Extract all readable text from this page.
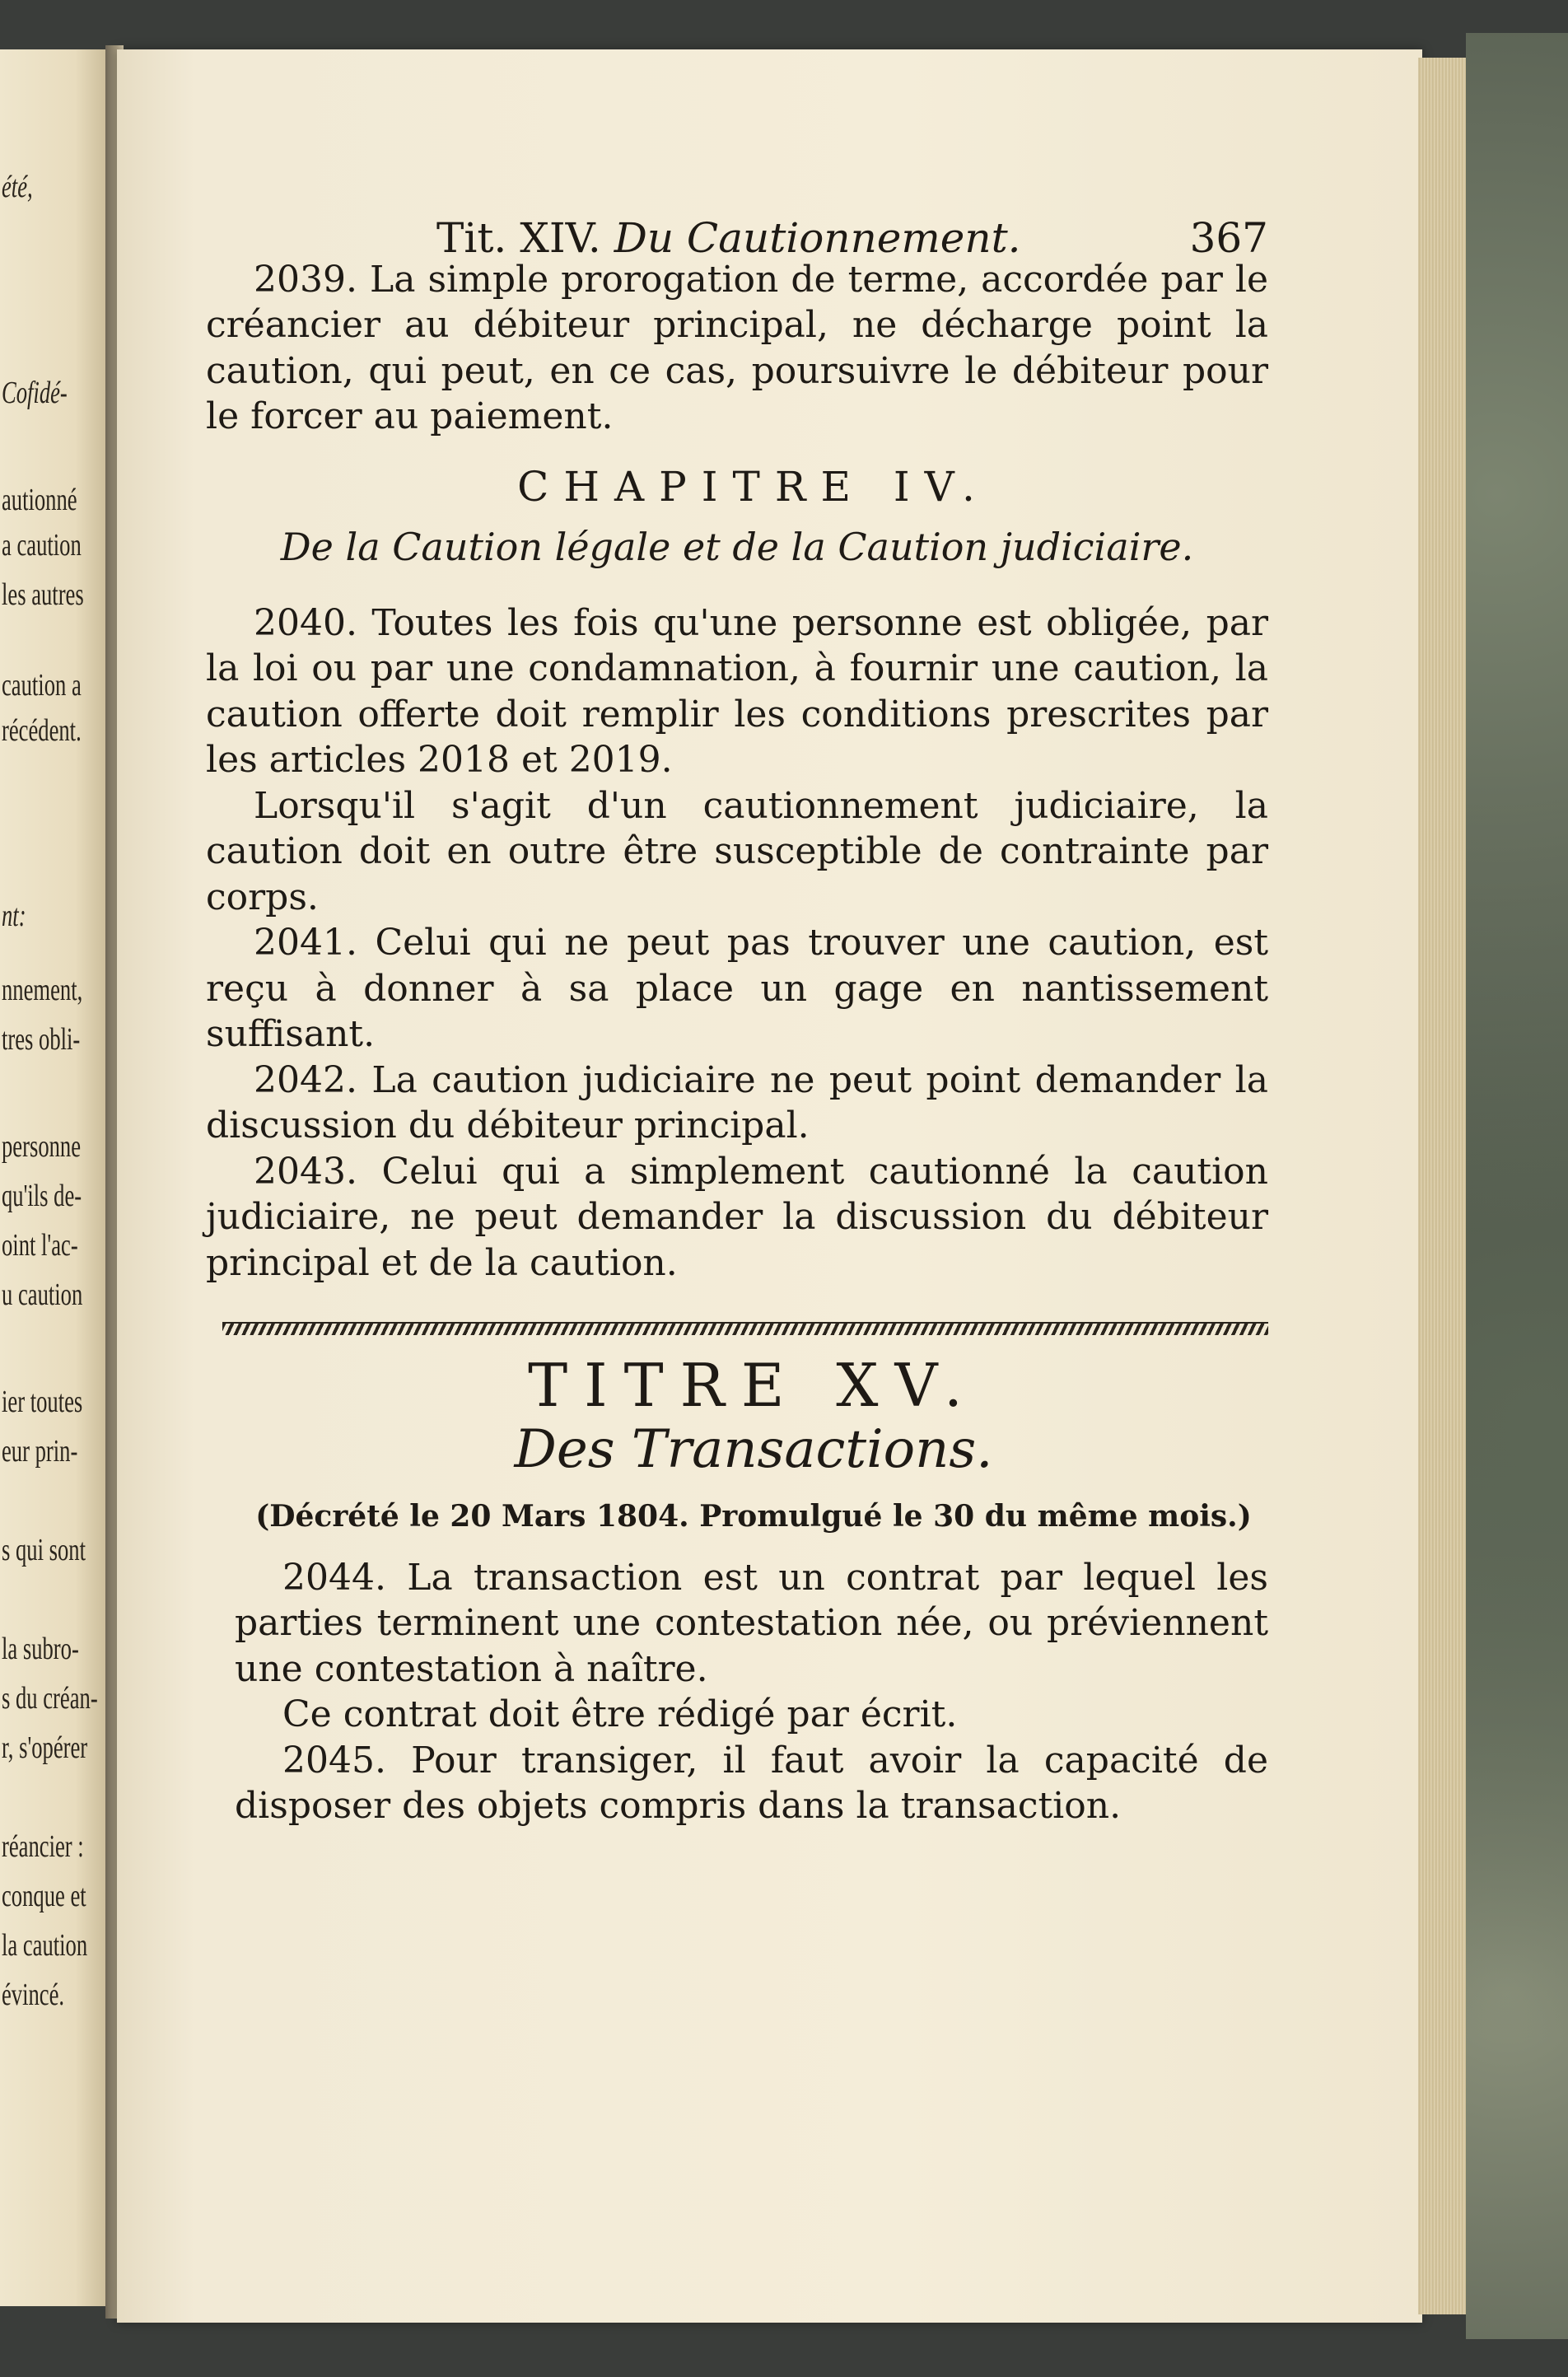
été,
Cofidé-
autionné
a caution
les autres
caution a
récédent.
nt:
nnement,
tres obli-
personne
qu'ils de-
oint l'ac-
u caution
ier toutes
eur prin-
s qui sont
la subro-
s du créan-
r, s'opérer
réancier :
conque et
la caution
évincé.
Tit. XIV. Du Cautionnement.	367

2039. La simple prorogation de terme, accordée par le créancier au débiteur principal, ne décharge point la caution, qui peut, en ce cas, poursuivre le débiteur pour le forcer au paiement.

CHAPITRE IV.
De la Caution légale et de la Caution judiciaire.

2040. Toutes les fois qu'une personne est obligée, par la loi ou par une condamnation, à fournir une caution, la caution offerte doit remplir les conditions prescrites par les articles 2018 et 2019.

Lorsqu'il s'agit d'un cautionnement judiciaire, la caution doit en outre être susceptible de contrainte par corps.

2041. Celui qui ne peut pas trouver une caution, est reçu à donner à sa place un gage en nantissement suffisant.

2042. La caution judiciaire ne peut point demander la discussion du débiteur principal.

2043. Celui qui a simplement cautionné la caution judiciaire, ne peut demander la discussion du débiteur principal et de la caution.

TITRE XV.
Des Transactions.
(Décrété le 20 Mars 1804. Promulgué le 30 du même mois.)

2044. La transaction est un contrat par lequel les parties terminent une contestation née, ou préviennent une contestation à naître.

Ce contrat doit être rédigé par écrit.

2045. Pour transiger, il faut avoir la capacité de disposer des objets compris dans la transaction.
